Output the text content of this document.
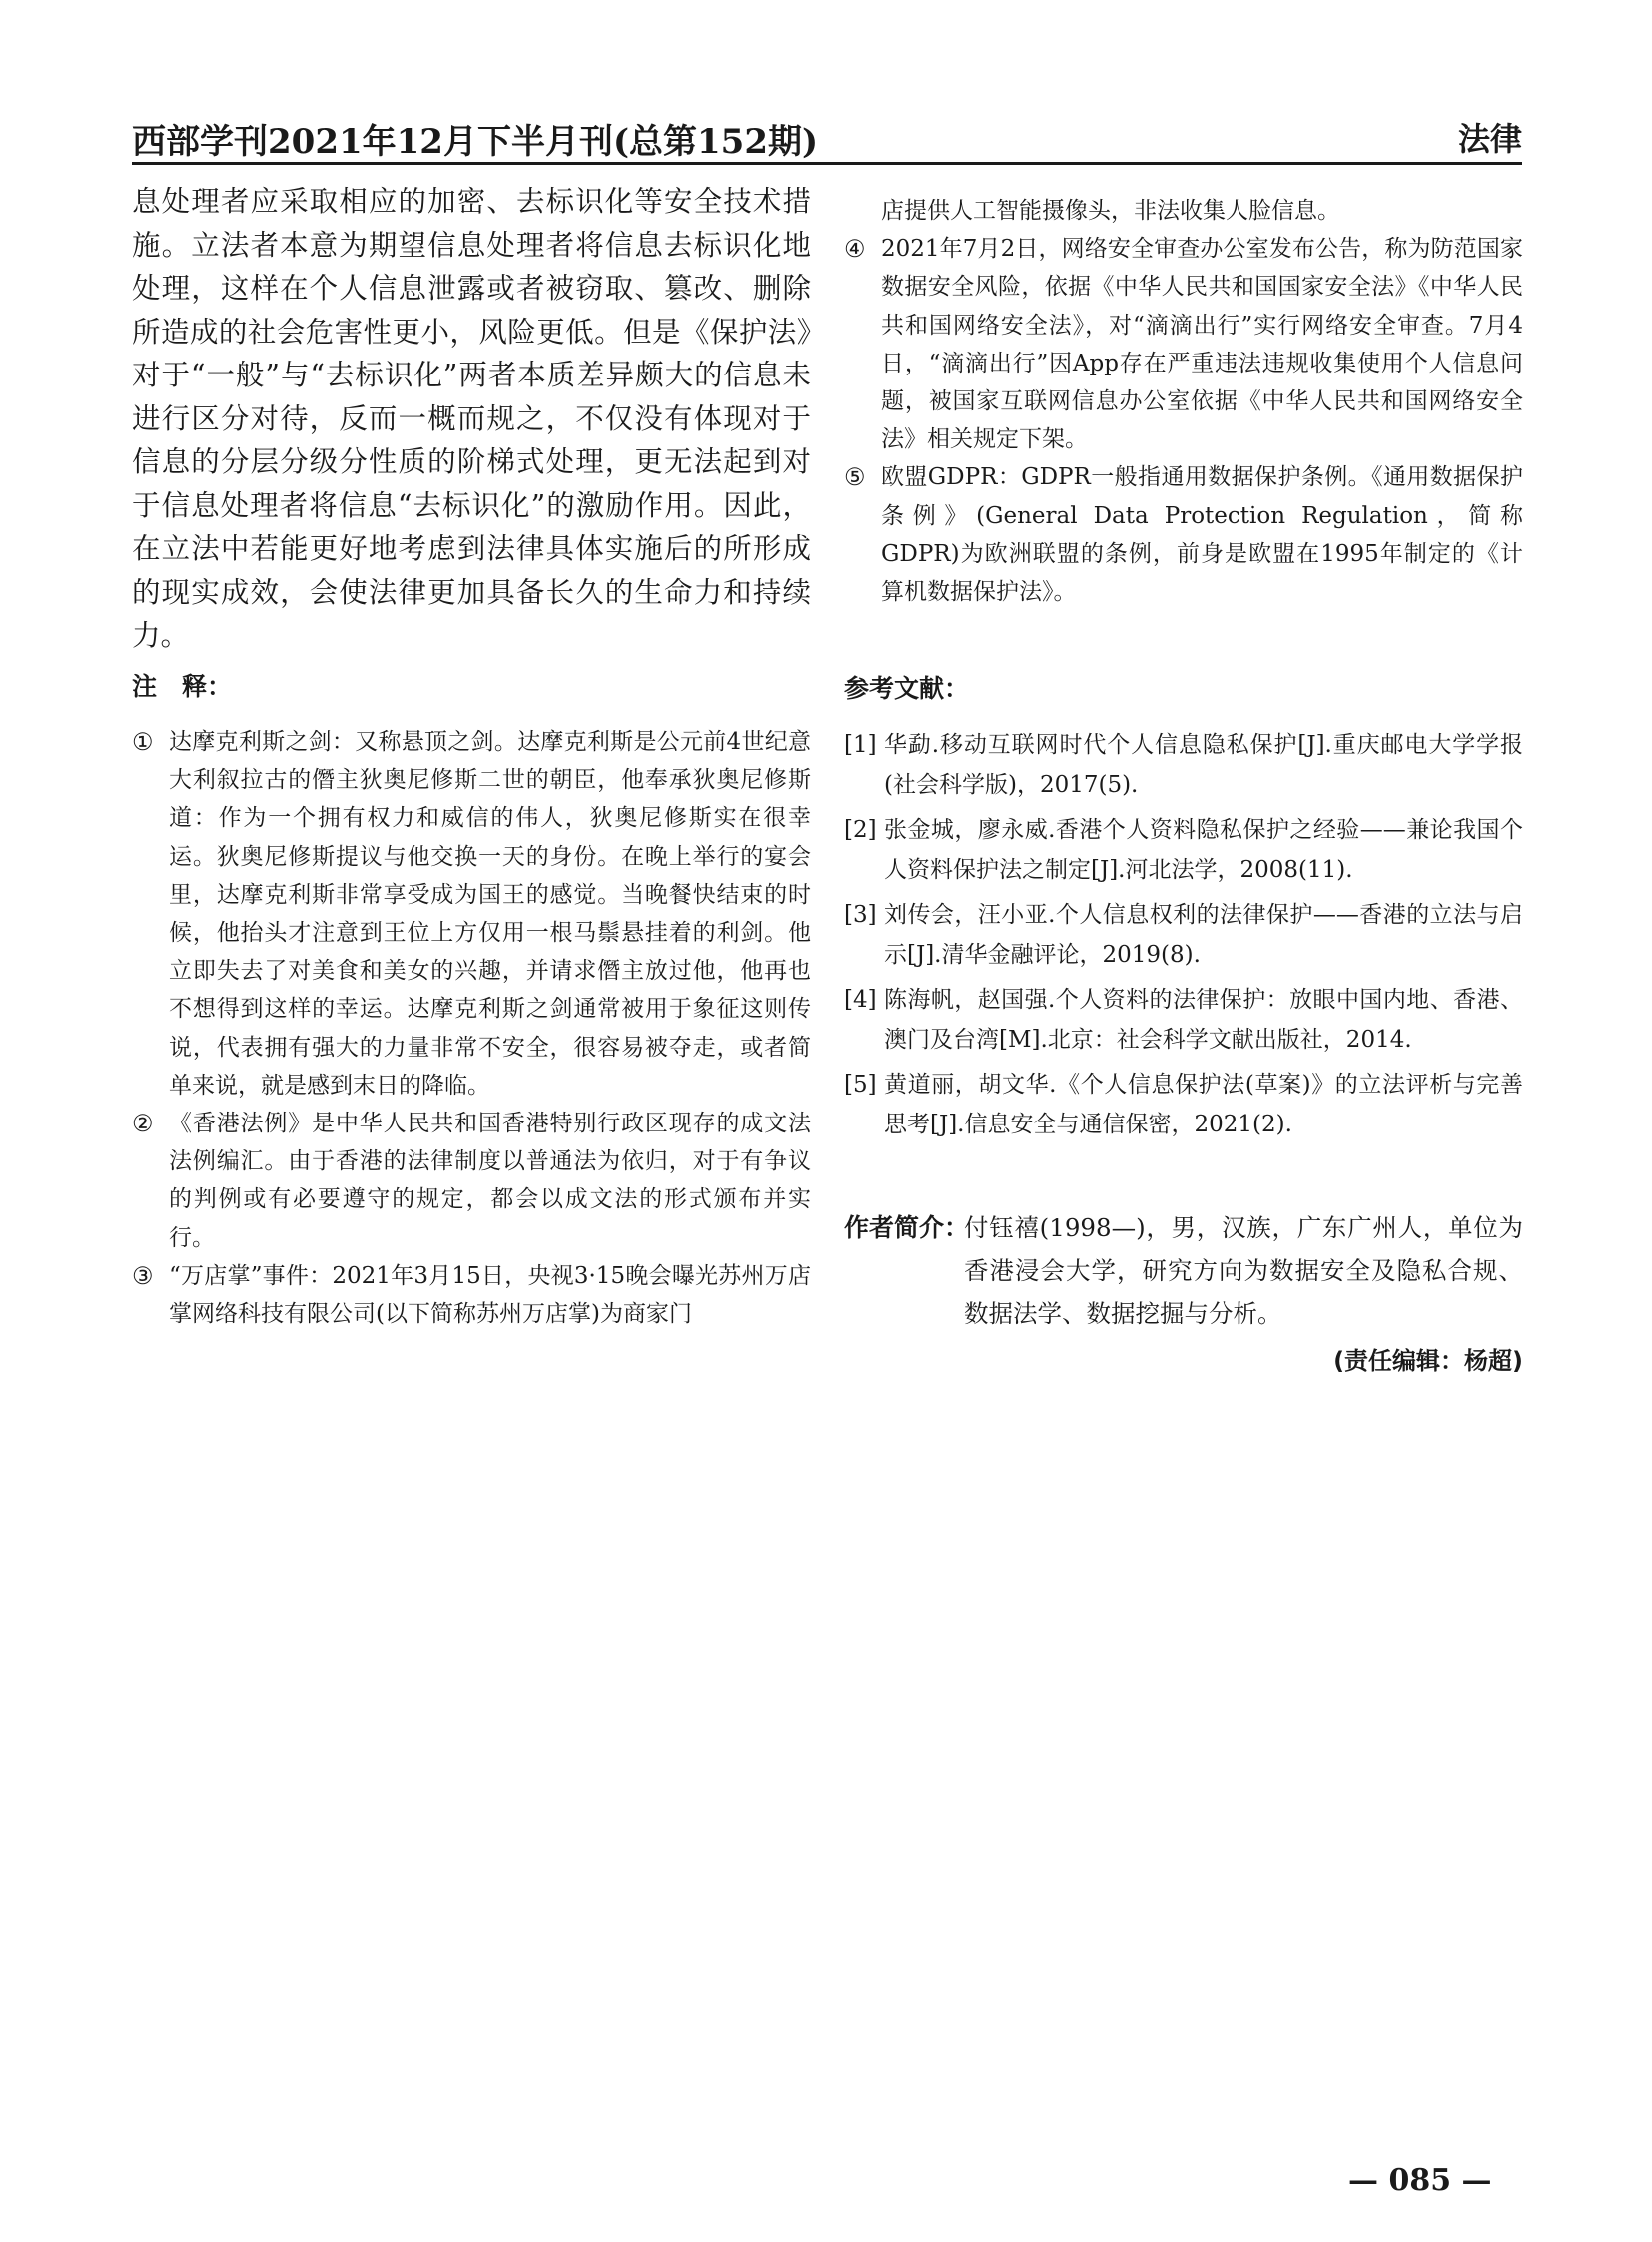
西部学刊2021年12月下半月刊(总第152期)	法律

息处理者应采取相应的加密、去标识化等安全技术措施。立法者本意为期望信息处理者将信息去标识化地处理，这样在个人信息泄露或者被窃取、篡改、删除所造成的社会危害性更小，风险更低。但是《保护法》对于“一般”与“去标识化”两者本质差异颇大的信息未进行区分对待，反而一概而规之，不仅没有体现对于信息的分层分级分性质的阶梯式处理，更无法起到对于信息处理者将信息“去标识化”的激励作用。因此，在立法中若能更好地考虑到法律具体实施后的所形成的现实成效，会使法律更加具备长久的生命力和持续力。

注　释：
① 达摩克利斯之剑：又称悬顶之剑。达摩克利斯是公元前4世纪意大利叙拉古的僭主狄奥尼修斯二世的朝臣，他奉承狄奥尼修斯道：作为一个拥有权力和威信的伟人，狄奥尼修斯实在很幸运。狄奥尼修斯提议与他交换一天的身份。在晚上举行的宴会里，达摩克利斯非常享受成为国王的感觉。当晚餐快结束的时候，他抬头才注意到王位上方仅用一根马鬃悬挂着的利剑。他立即失去了对美食和美女的兴趣，并请求僭主放过他，他再也不想得到这样的幸运。达摩克利斯之剑通常被用于象征这则传说，代表拥有强大的力量非常不安全，很容易被夺走，或者简单来说，就是感到末日的降临。
② 《香港法例》是中华人民共和国香港特别行政区现存的成文法法例编汇。由于香港的法律制度以普通法为依归，对于有争议的判例或有必要遵守的规定，都会以成文法的形式颁布并实行。
③ “万店掌”事件：2021年3月15日，央视3·15晚会曝光苏州万店掌网络科技有限公司(以下简称苏州万店掌)为商家门
店提供人工智能摄像头，非法收集人脸信息。
④ 2021年7月2日，网络安全审查办公室发布公告，称为防范国家数据安全风险，依据《中华人民共和国国家安全法》《中华人民共和国网络安全法》，对“滴滴出行”实行网络安全审查。7月4日，“滴滴出行”因App存在严重违法违规收集使用个人信息问题，被国家互联网信息办公室依据《中华人民共和国网络安全法》相关规定下架。
⑤ 欧盟GDPR：GDPR一般指通用数据保护条例。《通用数据保护条例》(General Data Protection Regulation，简称GDPR)为欧洲联盟的条例，前身是欧盟在1995年制定的《计算机数据保护法》。
参考文献：
[1] 华勐.移动互联网时代个人信息隐私保护[J].重庆邮电大学学报(社会科学版)，2017(5).
[2] 张金城，廖永威.香港个人资料隐私保护之经验——兼论我国个人资料保护法之制定[J].河北法学，2008(11).
[3] 刘传会，汪小亚.个人信息权利的法律保护——香港的立法与启示[J].清华金融评论，2019(8).
[4] 陈海帆，赵国强.个人资料的法律保护：放眼中国内地、香港、澳门及台湾[M].北京：社会科学文献出版社，2014.
[5] 黄道丽，胡文华.《个人信息保护法(草案)》的立法评析与完善思考[J].信息安全与通信保密，2021(2).
作者简介：
付钰禧(1998—)，男，汉族，广东广州人，单位为香港浸会大学，研究方向为数据安全及隐私合规、数据法学、数据挖掘与分析。
(责任编辑：杨超)
— 085 —
